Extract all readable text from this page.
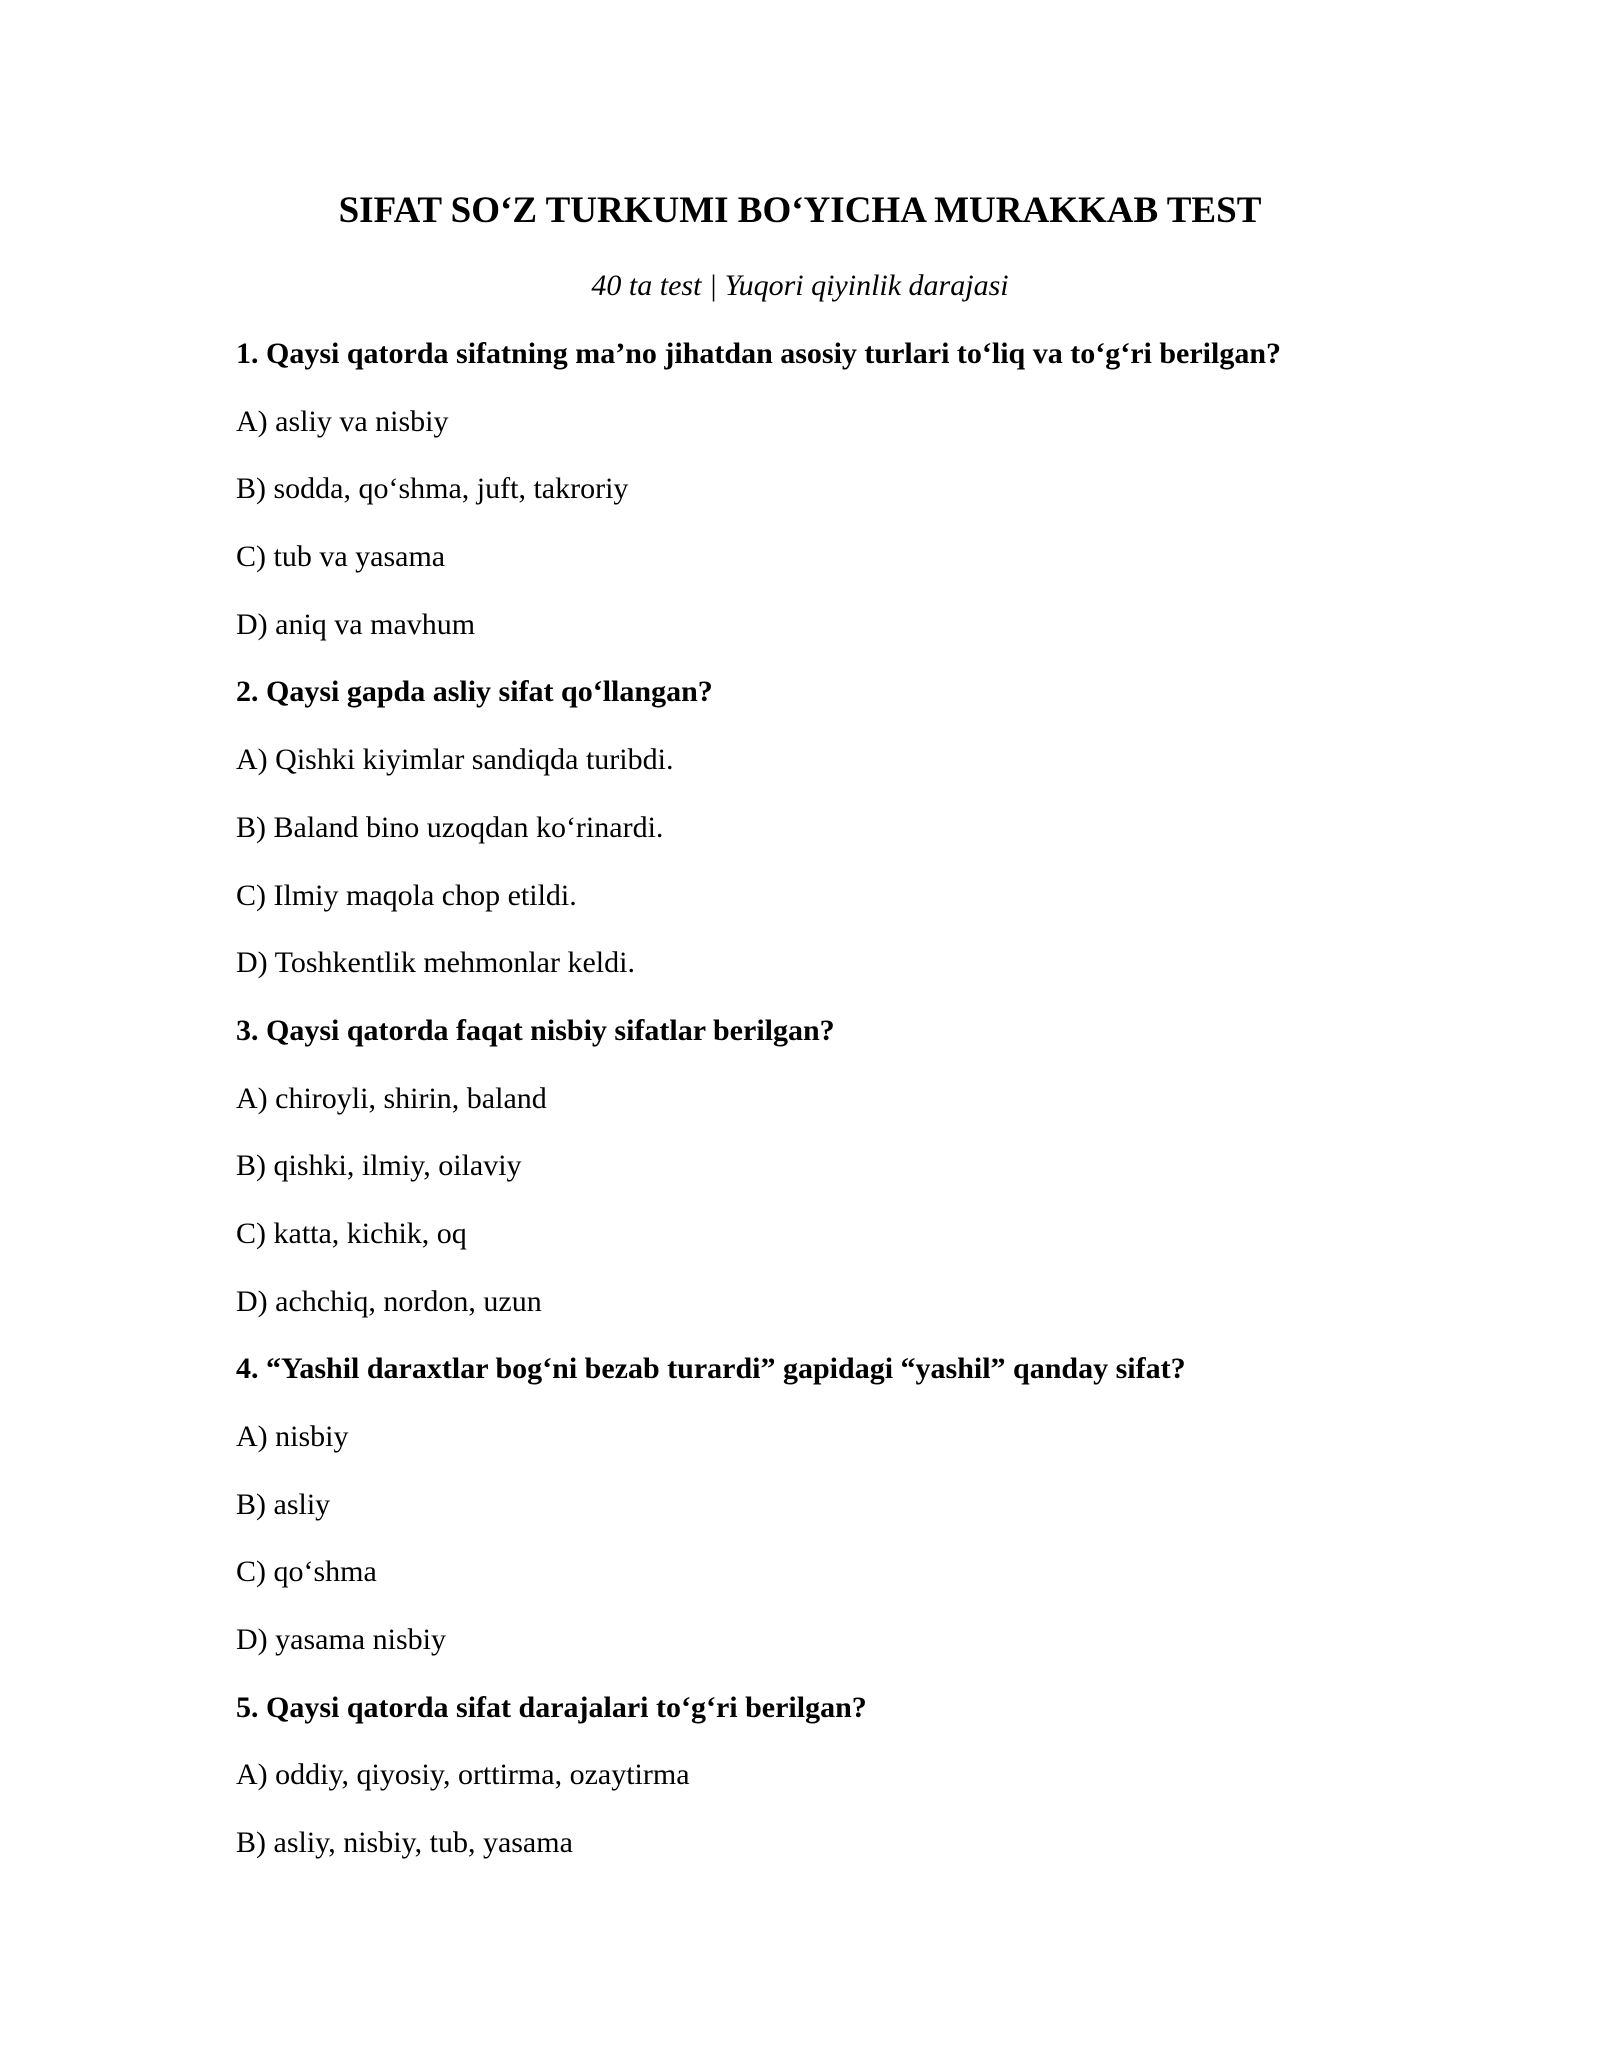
SIFAT SO‘Z TURKUMI BO‘YICHA MURAKKAB TEST

40 ta test | Yuqori qiyinlik darajasi

1. Qaysi qatorda sifatning ma’no jihatdan asosiy turlari to‘liq va to‘g‘ri berilgan?
A) asliy va nisbiy
B) sodda, qo‘shma, juft, takroriy
C) tub va yasama
D) aniq va mavhum
2. Qaysi gapda asliy sifat qo‘llangan?
A) Qishki kiyimlar sandiqda turibdi.
B) Baland bino uzoqdan ko‘rinardi.
C) Ilmiy maqola chop etildi.
D) Toshkentlik mehmonlar keldi.
3. Qaysi qatorda faqat nisbiy sifatlar berilgan?
A) chiroyli, shirin, baland
B) qishki, ilmiy, oilaviy
C) katta, kichik, oq
D) achchiq, nordon, uzun
4. “Yashil daraxtlar bog‘ni bezab turardi” gapidagi “yashil” qanday sifat?
A) nisbiy
B) asliy
C) qo‘shma
D) yasama nisbiy
5. Qaysi qatorda sifat darajalari to‘g‘ri berilgan?
A) oddiy, qiyosiy, orttirma, ozaytirma
B) asliy, nisbiy, tub, yasama
